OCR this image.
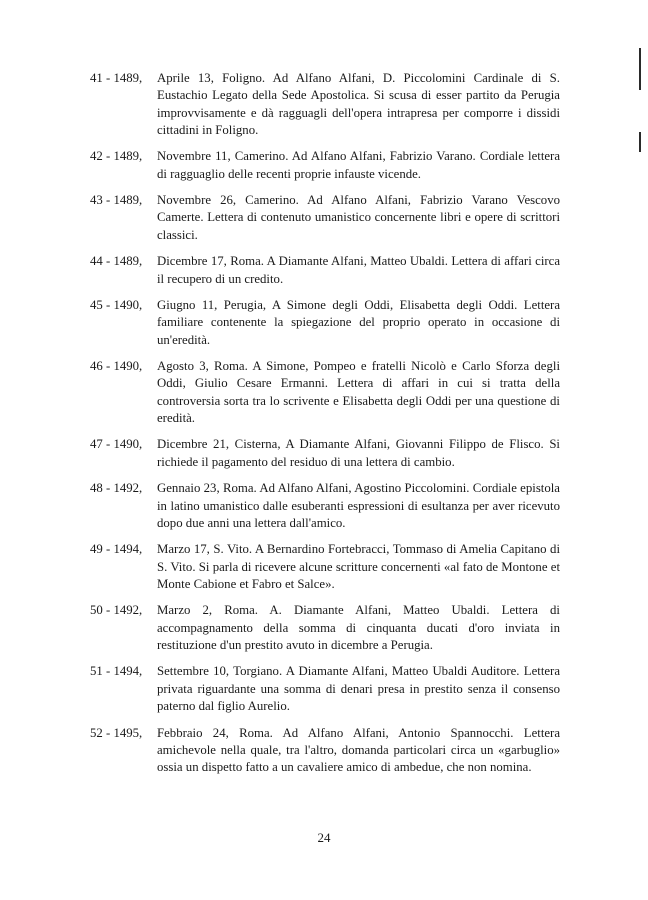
41 - 1489,	Aprile 13, Foligno. Ad Alfano Alfani, D. Piccolomini Cardinale di S. Eustachio Legato della Sede Apostolica. Si scusa di esser partito da Perugia improvvisamente e dà ragguagli dell'opera intrapresa per comporre i dissidi cittadini in Foligno.
42 - 1489,	Novembre 11, Camerino. Ad Alfano Alfani, Fabrizio Varano. Cordiale lettera di ragguaglio delle recenti proprie infauste vicende.
43 - 1489,	Novembre 26, Camerino. Ad Alfano Alfani, Fabrizio Varano Vescovo Camerte. Lettera di contenuto umanistico concernente libri e opere di scrittori classici.
44 - 1489,	Dicembre 17, Roma. A Diamante Alfani, Matteo Ubaldi. Lettera di affari circa il recupero di un credito.
45 - 1490,	Giugno 11, Perugia, A Simone degli Oddi, Elisabetta degli Oddi. Lettera familiare contenente la spiegazione del proprio operato in occasione di un'eredità.
46 - 1490,	Agosto 3, Roma. A Simone, Pompeo e fratelli Nicolò e Carlo Sforza degli Oddi, Giulio Cesare Ermanni. Lettera di affari in cui si tratta della controversia sorta tra lo scrivente e Elisabetta degli Oddi per una questione di eredità.
47 - 1490,	Dicembre 21, Cisterna, A Diamante Alfani, Giovanni Filippo de Flisco. Si richiede il pagamento del residuo di una lettera di cambio.
48 - 1492,	Gennaio 23, Roma. Ad Alfano Alfani, Agostino Piccolomini. Cordiale epistola in latino umanistico dalle esuberanti espressioni di esultanza per aver ricevuto dopo due anni una lettera dall'amico.
49 - 1494,	Marzo 17, S. Vito. A Bernardino Fortebracci, Tommaso di Amelia Capitano di S. Vito. Si parla di ricevere alcune scritture concernenti «al fato de Montone et Monte Cabione et Fabro et Salce».
50 - 1492,	Marzo 2, Roma. A. Diamante Alfani, Matteo Ubaldi. Lettera di accompagnamento della somma di cinquanta ducati d'oro inviata in restituzione d'un prestito avuto in dicembre a Perugia.
51 - 1494,	Settembre 10, Torgiano. A Diamante Alfani, Matteo Ubaldi Auditore. Lettera privata riguardante una somma di denari presa in prestito senza il consenso paterno dal figlio Aurelio.
52 - 1495,	Febbraio 24, Roma. Ad Alfano Alfani, Antonio Spannocchi. Lettera amichevole nella quale, tra l'altro, domanda particolari circa un «garbuglio» ossia un dispetto fatto a un cavaliere amico di ambedue, che non nomina.
24
